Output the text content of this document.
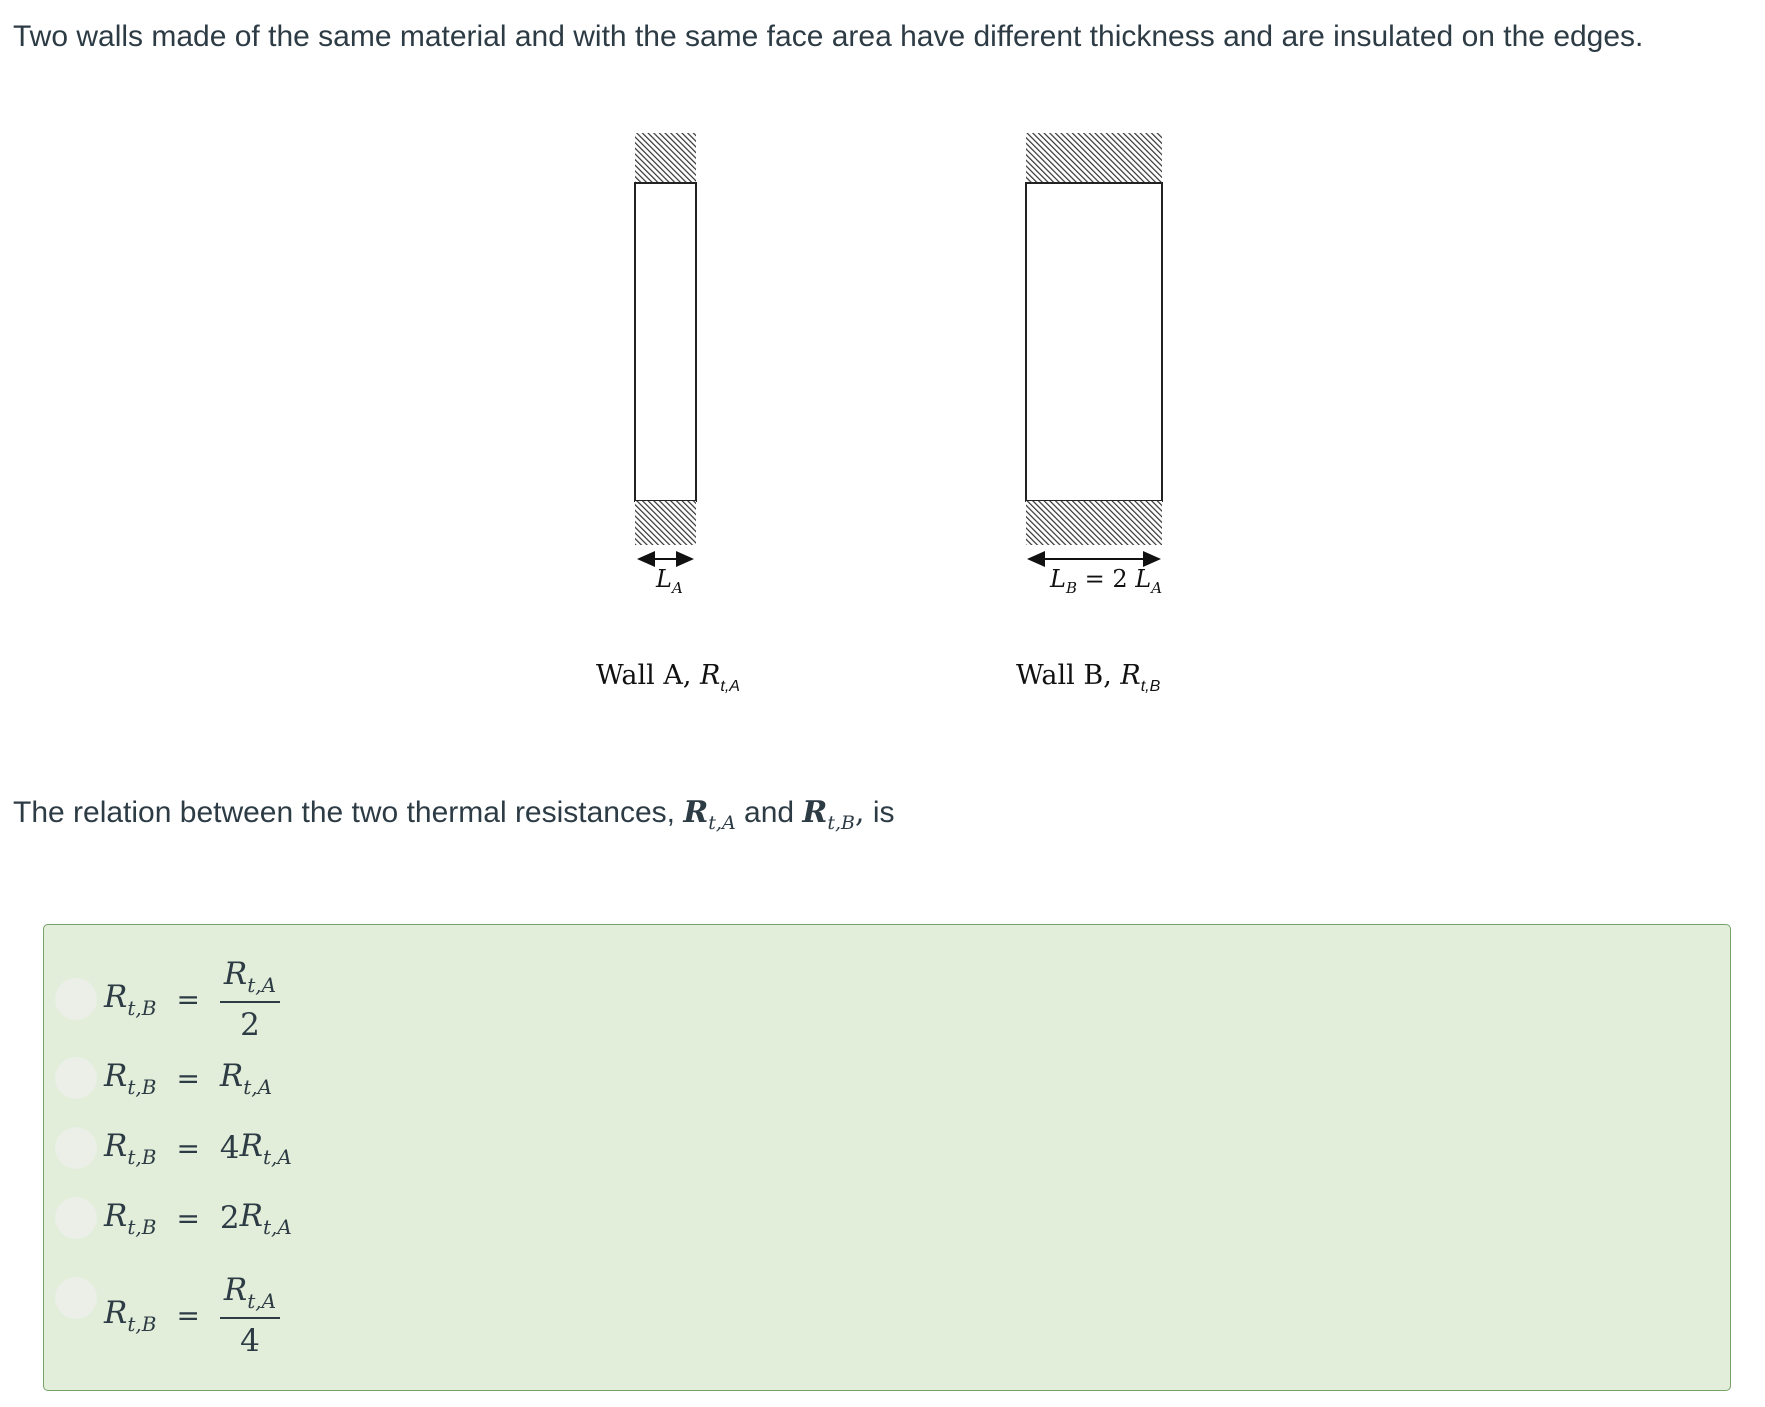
Two walls made of the same material and with the same face area have different thickness and are insulated on the edges.

$L_A$	$L_B = 2$ $L_A$
Wall A, $R_{t,A}$	Wall B, $R_{t,B}$

The relation between the two thermal resistances, $R_{t,A}$ and $R_{t,B}$, is

$R_{t,B} = \frac{R_{t,A}}{2}$
$R_{t,B} = R_{t,A}$
$R_{t,B} = 4$ $R_{t,A}$
$R_{t,B} = 2$ $R_{t,A}$
$R_{t,B} = \frac{R_{t,A}}{4}$
